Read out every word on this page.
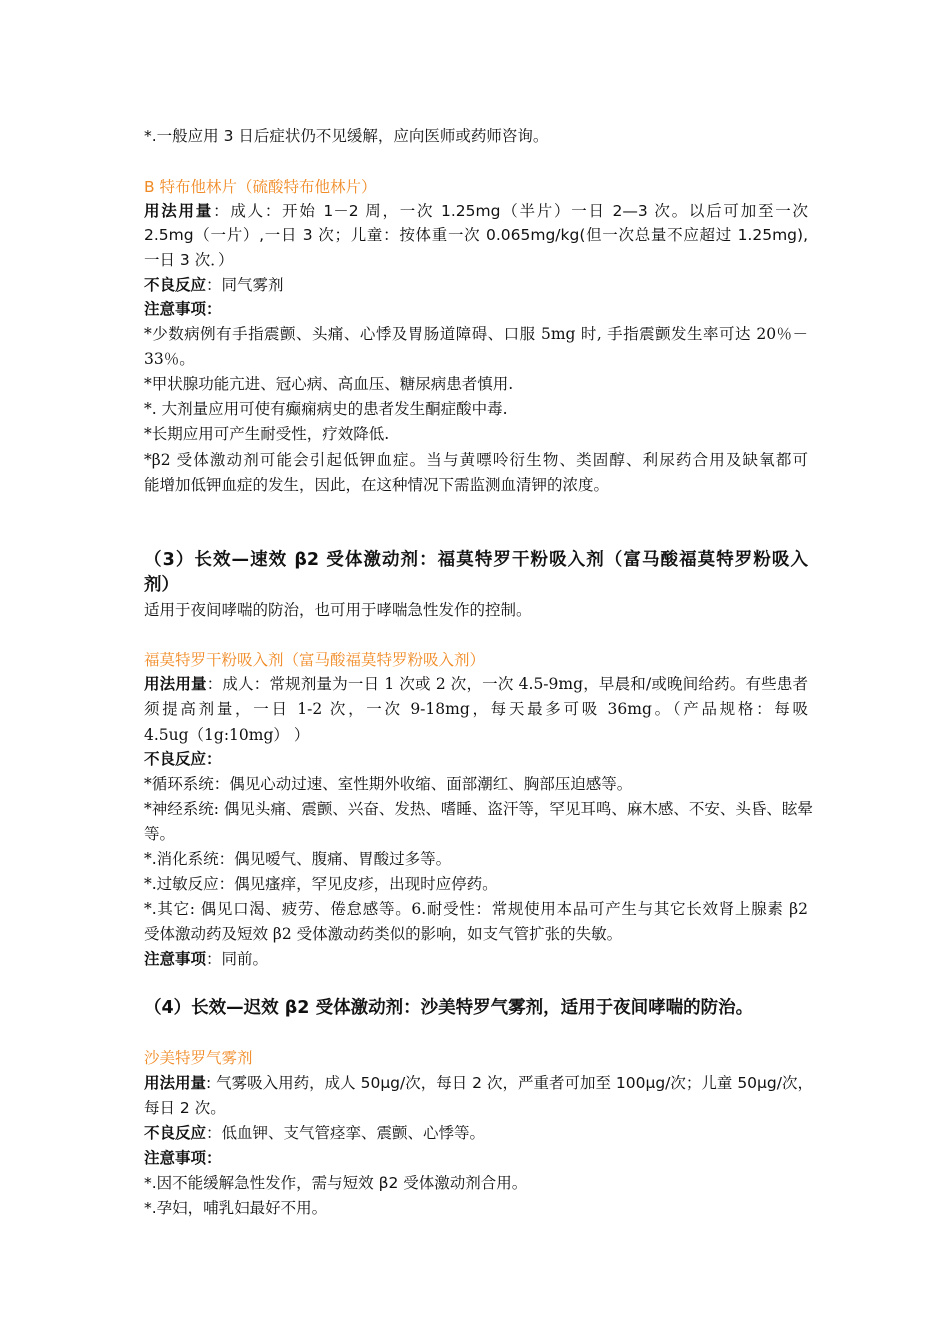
*.一般应用 3 日后症状仍不见缓解，应向医师或药师咨询。
B 特布他林片（硫酸特布他林片）
用法用量：成人：开始 1－2 周，一次 1.25mg（半片）一日 2—3 次。以后可加至一次
2.5mg（一片）,一日 3 次；儿童：按体重一次 0.065mg/kg(但一次总量不应超过 1.25mg),
一日 3 次．）
不良反应：同气雾剂
注意事项：
*少数病例有手指震颤、头痛、心悸及胃肠道障碍、口服 5mg 时, 手指震颤发生率可达 20％－
33％。
*甲状腺功能亢进、冠心病、高血压、糖尿病患者慎用.
*. 大剂量应用可使有癫痫病史的患者发生酮症酸中毒.
*长期应用可产生耐受性，疗效降低.
*β2 受体激动剂可能会引起低钾血症。当与黄嘌呤衍生物、类固醇、利尿药合用及缺氧都可
能增加低钾血症的发生，因此，在这种情况下需监测血清钾的浓度。
（3）长效—速效 β2 受体激动剂：福莫特罗干粉吸入剂（富马酸福莫特罗粉吸入
剂）
适用于夜间哮喘的防治，也可用于哮喘急性发作的控制。
福莫特罗干粉吸入剂（富马酸福莫特罗粉吸入剂）
用法用量：成人：常规剂量为一日 1 次或 2 次，一次 4.5-9mg，早晨和/或晚间给药。有些患者
须提高剂量，一日 1-2 次，一次 9-18mg，每天最多可吸 36mg。（产品规格：每吸
4.5ug（1g:10mg） ）
不良反应：
*循环系统：偶见心动过速、室性期外收缩、面部潮红、胸部压迫感等。
*神经系统: 偶见头痛、震颤、兴奋、发热、嗜睡、盗汗等，罕见耳鸣、麻木感、不安、头昏、眩晕
等。
*.消化系统：偶见嗳气、腹痛、胃酸过多等。
*.过敏反应：偶见瘙痒，罕见皮疹，出现时应停药。
*.其它: 偶见口渴、疲劳、倦怠感等。6.耐受性：常规使用本品可产生与其它长效肾上腺素 β2
受体激动药及短效 β2 受体激动药类似的影响，如支气管扩张的失敏。
注意事项：同前。
（4）长效—迟效 β2 受体激动剂：沙美特罗气雾剂，适用于夜间哮喘的防治。
沙美特罗气雾剂
用法用量: 气雾吸入用药，成人 50μg/次，每日 2 次，严重者可加至 100μg/次；儿童 50μg/次，
每日 2 次。
不良反应：低血钾、支气管痉挛、震颤、心悸等。
注意事项：
*.因不能缓解急性发作，需与短效 β2 受体激动剂合用。
*.孕妇，哺乳妇最好不用。
